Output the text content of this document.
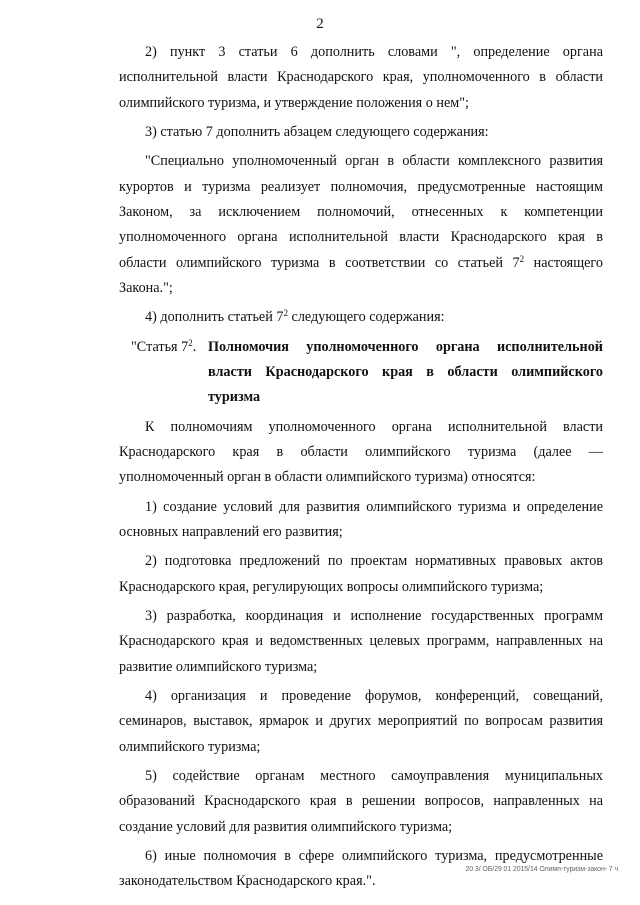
2

2) пункт 3 статьи 6 дополнить словами ", определение органа исполнительной власти Краснодарского края, уполномоченного в области олимпийского туризма, и утверждение положения о нем";

3) статью 7 дополнить абзацем следующего содержания:

"Специально уполномоченный орган в области комплексного развития курортов и туризма реализует полномочия, предусмотренные настоящим Законом, за исключением полномочий, отнесенных к компетенции уполномоченного органа исполнительной власти Краснодарского края в области олимпийского туризма в соответствии со статьей $7^2$ настоящего Закона.";

4) дополнить статьей $7^2$ следующего содержания:

"Статья $7^2$. Полномочия уполномоченного органа исполнительной власти Краснодарского края в области олимпийского туризма

К полномочиям уполномоченного органа исполнительной власти Краснодарского края в области олимпийского туризма (далее — уполномоченный орган в области олимпийского туризма) относятся:

1) создание условий для развития олимпийского туризма и определение основных направлений его развития;

2) подготовка предложений по проектам нормативных правовых актов Краснодарского края, регулирующих вопросы олимпийского туризма;

3) разработка, координация и исполнение государственных программ Краснодарского края и ведомственных целевых программ, направленных на развитие олимпийского туризма;

4) организация и проведение форумов, конференций, совещаний, семинаров, выставок, ярмарок и других мероприятий по вопросам развития олимпийского туризма;

5) содействие органам местного самоуправления муниципальных образований Краснодарского края в решении вопросов, направленных на создание условий для развития олимпийского туризма;

6) иные полномочия в сфере олимпийского туризма, предусмотренные законодательством Краснодарского края.".

20 3/ ОБ/29 01 2015/14 Олимп-туризм-закон- 7 ч
